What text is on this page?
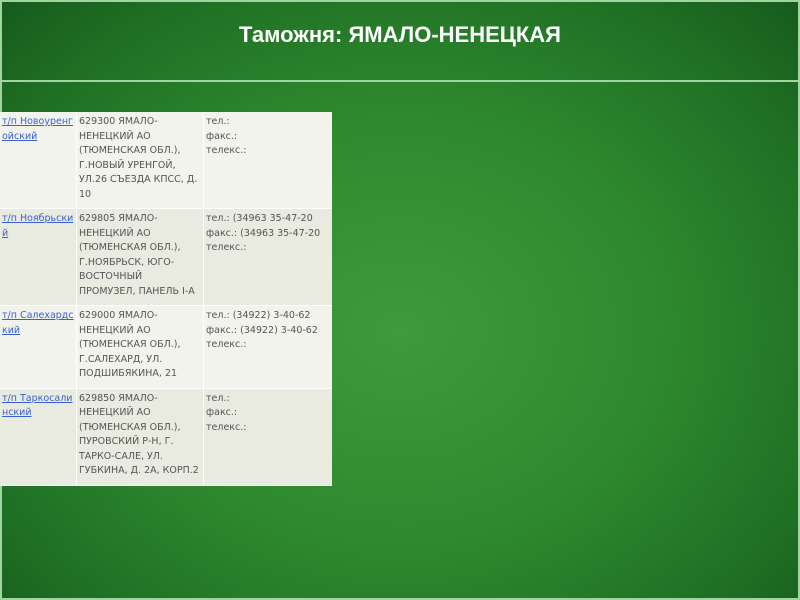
Таможня: ЯМАЛО-НЕНЕЦКАЯ
т/п Новоуренгойский	629300 ЯМАЛО-НЕНЕЦКИЙ АО (ТЮМЕНСКАЯ ОБЛ.), Г.НОВЫЙ УРЕНГОЙ, УЛ.26 СЪЕЗДА КПСС, Д. 10	тел.:
факс.:
телекс.:

т/п Ноябрьский	629805 ЯМАЛО-НЕНЕЦКИЙ АО (ТЮМЕНСКАЯ ОБЛ.), Г.НОЯБРЬСК, ЮГО-ВОСТОЧНЫЙ ПРОМУЗЕЛ, ПАНЕЛЬ I-А	тел.: (34963 35-47-20
факс.: (34963 35-47-20
телекс.:

т/п Салехардский	629000 ЯМАЛО-НЕНЕЦКИЙ АО (ТЮМЕНСКАЯ ОБЛ.), Г.САЛЕХАРД, УЛ. ПОДШИБЯКИНА, 21	тел.: (34922) 3-40-62
факс.: (34922) 3-40-62
телекс.:

т/п Таркосалинский	629850 ЯМАЛО-НЕНЕЦКИЙ АО (ТЮМЕНСКАЯ ОБЛ.), ПУРОВСКИЙ Р-Н, Г. ТАРКО-САЛЕ, УЛ. ГУБКИНА, Д. 2А, КОРП.2	тел.:
факс.:
телекс.:
